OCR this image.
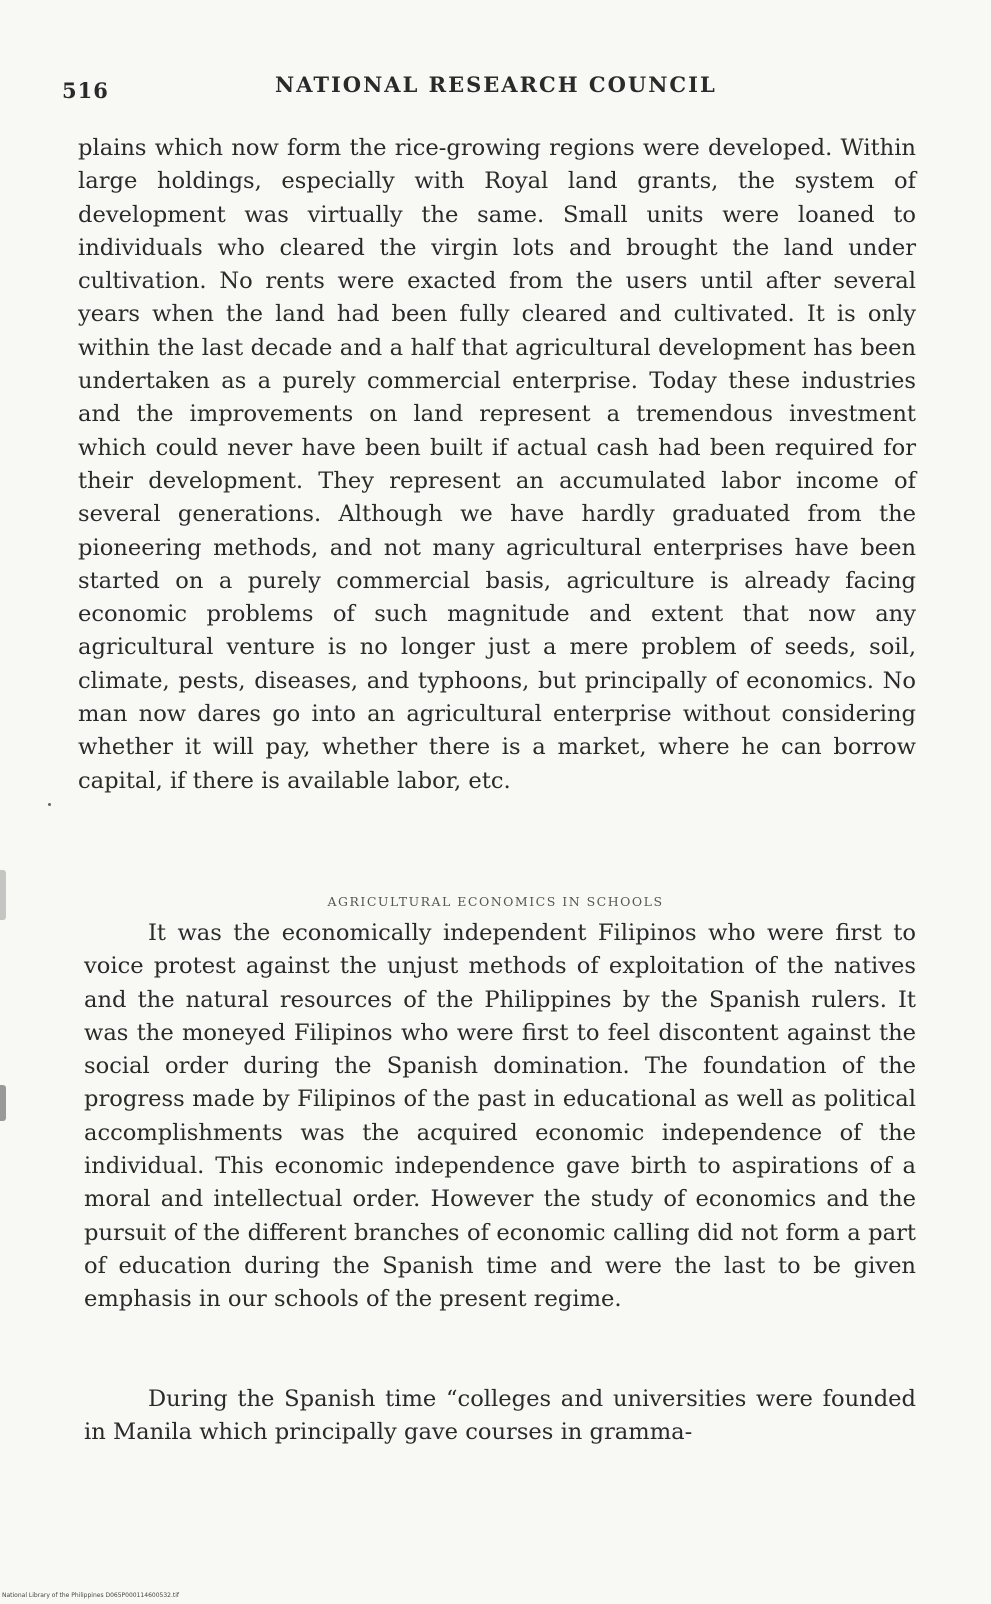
516	NATIONAL RESEARCH COUNCIL

plains which now form the rice-growing regions were developed. Within large holdings, especially with Royal land grants, the system of development was virtually the same. Small units were loaned to individuals who cleared the virgin lots and brought the land under cultivation. No rents were exacted from the users until after several years when the land had been fully cleared and cultivated. It is only within the last decade and a half that agricultural development has been undertaken as a purely commercial enterprise. Today these industries and the improvements on land represent a tremendous investment which could never have been built if actual cash had been required for their development. They represent an accumulated labor income of several generations. Although we have hardly graduated from the pioneering methods, and not many agricultural enterprises have been started on a purely commercial basis, agriculture is already facing economic problems of such magnitude and extent that now any agricultural venture is no longer just a mere problem of seeds, soil, climate, pests, diseases, and typhoons, but principally of economics. No man now dares go into an agricultural enterprise without considering whether it will pay, whether there is a market, where he can borrow capital, if there is available labor, etc.

AGRICULTURAL ECONOMICS IN SCHOOLS

It was the economically independent Filipinos who were first to voice protest against the unjust methods of exploitation of the natives and the natural resources of the Philippines by the Spanish rulers. It was the moneyed Filipinos who were first to feel discontent against the social order during the Spanish domination. The foundation of the progress made by Filipinos of the past in educational as well as political accomplishments was the acquired economic independence of the individual. This economic independence gave birth to aspirations of a moral and intellectual order. However the study of economics and the pursuit of the different branches of economic calling did not form a part of education during the Spanish time and were the last to be given emphasis in our schools of the present regime.

During the Spanish time “colleges and universities were founded in Manila which principally gave courses in gramma-

National Library of the Philippines D065P000114600532.tif
